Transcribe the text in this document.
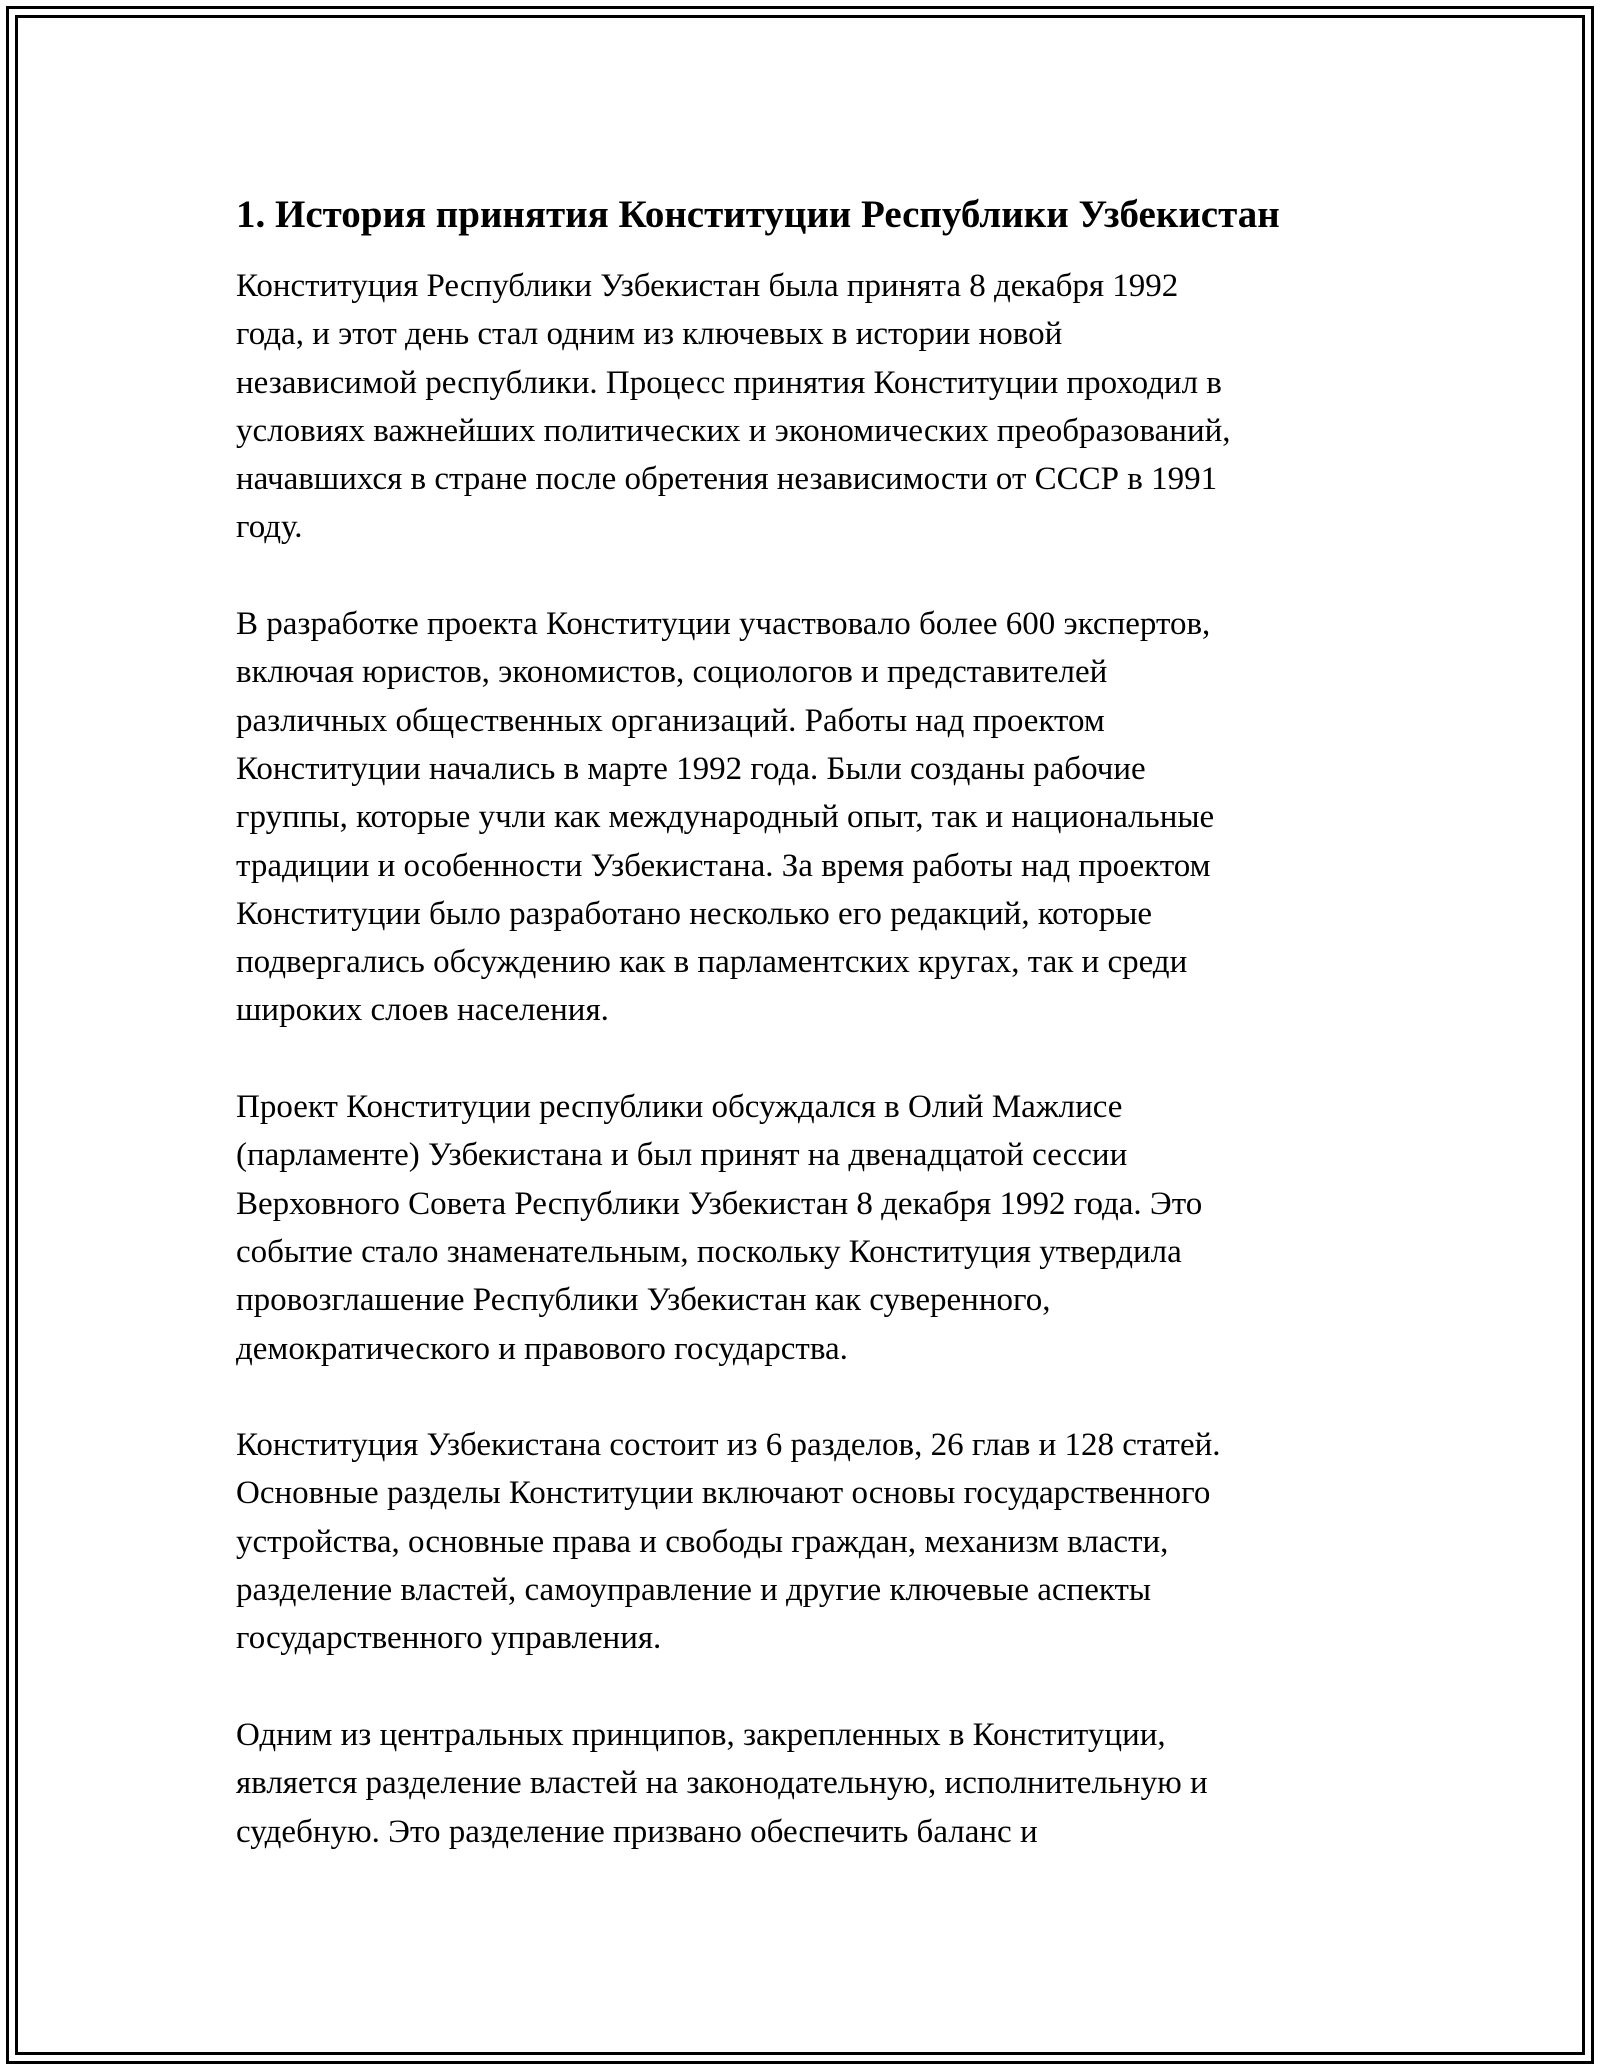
1. История принятия Конституции Республики Узбекистан
Конституция Республики Узбекистан была принята 8 декабря 1992
года, и этот день стал одним из ключевых в истории новой
независимой республики. Процесс принятия Конституции проходил в
условиях важнейших политических и экономических преобразований,
начавшихся в стране после обретения независимости от СССР в 1991
году.
В разработке проекта Конституции участвовало более 600 экспертов,
включая юристов, экономистов, социологов и представителей
различных общественных организаций. Работы над проектом
Конституции начались в марте 1992 года. Были созданы рабочие
группы, которые учли как международный опыт, так и национальные
традиции и особенности Узбекистана. За время работы над проектом
Конституции было разработано несколько его редакций, которые
подвергались обсуждению как в парламентских кругах, так и среди
широких слоев населения.
Проект Конституции республики обсуждался в Олий Мажлисе
(парламенте) Узбекистана и был принят на двенадцатой сессии
Верховного Совета Республики Узбекистан 8 декабря 1992 года. Это
событие стало знаменательным, поскольку Конституция утвердила
провозглашение Республики Узбекистан как суверенного,
демократического и правового государства.
Конституция Узбекистана состоит из 6 разделов, 26 глав и 128 статей.
Основные разделы Конституции включают основы государственного
устройства, основные права и свободы граждан, механизм власти,
разделение властей, самоуправление и другие ключевые аспекты
государственного управления.
Одним из центральных принципов, закрепленных в Конституции,
является разделение властей на законодательную, исполнительную и
судебную. Это разделение призвано обеспечить баланс и
